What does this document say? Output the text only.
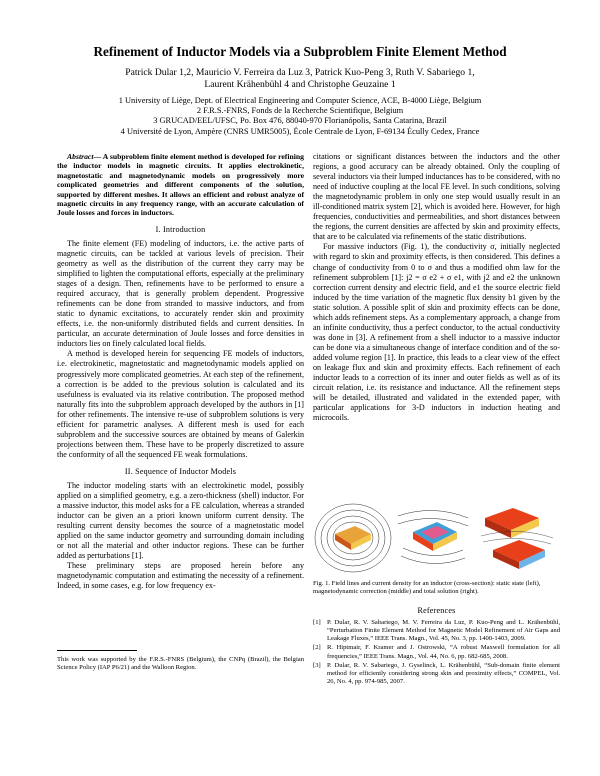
Refinement of Inductor Models via a Subproblem Finite Element Method
Patrick Dular 1,2, Mauricio V. Ferreira da Luz 3, Patrick Kuo-Peng 3, Ruth V. Sabariego 1,
Laurent Krähenbühl 4 and Christophe Geuzaine 1
1 University of Liège, Dept. of Electrical Engineering and Computer Science, ACE, B-4000 Liège, Belgium
2 F.R.S.-FNRS, Fonds de la Recherche Scientifique, Belgium
3 GRUCAD/EEL/UFSC, Po. Box 476, 88040-970 Florianópolis, Santa Catarina, Brazil
4 Université de Lyon, Ampère (CNRS UMR5005), École Centrale de Lyon, F-69134 Écully Cedex, France

Abstract— A subproblem finite element method is developed for refining the inductor models in magnetic circuits. It applies electrokinetic, magnetostatic and magnetodynamic models on progressively more complicated geometries and different components of the solution, supported by different meshes. It allows an efficient and robust analyze of magnetic circuits in any frequency range, with an accurate calculation of Joule losses and forces in inductors.

I. Introduction

The finite element (FE) modeling of inductors, i.e. the active parts of magnetic circuits, can be tackled at various levels of precision. Their geometry as well as the distribution of the current they carry may be simplified to lighten the computational efforts, especially at the preliminary stages of a design. Then, refinements have to be performed to ensure a required accuracy, that is generally problem dependent. Progressive refinements can be done from stranded to massive inductors, and from static to dynamic excitations, to accurately render skin and proximity effects, i.e. the non-uniformly distributed fields and current densities. In particular, an accurate determination of Joule losses and force densities in inductors lies on finely calculated local fields.

A method is developed herein for sequencing FE models of inductors, i.e. electrokinetic, magnetostatic and magnetodynamic models applied on progressively more complicated geometries. At each step of the refinement, a correction is be added to the previous solution is calculated and its usefulness is evaluated via its relative contribution. The proposed method naturally fits into the subproblem approach developed by the authors in [1] for other refinements. The intensive re-use of subproblem solutions is very efficient for parametric analyses. A different mesh is used for each subproblem and the successive sources are obtained by means of Galerkin projections between them. These have to be properly discretized to assure the conformity of all the sequenced FE weak formulations.

II. Sequence of Inductor Models

The inductor modeling starts with an electrokinetic model, possibly applied on a simplified geometry, e.g. a zero-thickness (shell) inductor. For a massive inductor, this model asks for a FE calculation, whereas a stranded inductor can be given an a priori known uniform current density. The resulting current density becomes the source of a magnetostatic model applied on the same inductor geometry and surrounding domain including or not all the material and other inductor regions. These can be further added as perturbations [1].

These preliminary steps are proposed herein before any magnetodynamic computation and estimating the necessity of a refinement. Indeed, in some cases, e.g. for low frequency ex-

This work was supported by the F.R.S.-FNRS (Belgium), the CNPq (Brazil), the Belgian Science Policy (IAP P6/21) and the Walloon Region.

citations or significant distances between the inductors and the other regions, a good accuracy can be already obtained. Only the coupling of several inductors via their lumped inductances has to be considered, with no need of inductive coupling at the local FE level. In such conditions, solving the magnetodynamic problem in only one step would usually result in an ill-conditioned matrix system [2], which is avoided here. However, for high frequencies, conductivities and permeabilities, and short distances between the regions, the current densities are affected by skin and proximity effects, that are to be calculated via refinements of the static distributions.

For massive inductors (Fig. 1), the conductivity σ, initially neglected with regard to skin and proximity effects, is then considered. This defines a change of conductivity from 0 to σ and thus a modified ohm law for the refinement subproblem [1]: j2 = σ e2 + σ e1, with j2 and e2 the unknown correction current density and electric field, and e1 the source electric field induced by the time variation of the magnetic flux density b1 given by the static solution. A possible split of skin and proximity effects can be done, which adds refinement steps. As a complementary approach, a change from an infinite conductivity, thus a perfect conductor, to the actual conductivity was done in [3]. A refinement from a shell inductor to a massive inductor can be done via a simultaneous change of interface condition and of the so-added volume region [1]. In practice, this leads to a clear view of the effect on leakage flux and skin and proximity effects. Each refinement of each inductor leads to a correction of its inner and outer fields as well as of its circuit relation, i.e. its resistance and inductance. All the refinement steps will be detailed, illustrated and validated in the extended paper, with particular applications for 3-D inductors in induction heating and microcoils.

Fig. 1. Field lines and current density for an inductor (cross-section): static state (left), magnetodynamic correction (middle) and total solution (right).
References
[1] P. Dular, R. V. Sabariego, M. V. Ferreira da Luz, P. Kuo-Peng and L. Krähenbühl, “Perturbation Finite Element Method for Magnetic Model Refinement of Air Gaps and Leakage Fluxes,” IEEE Trans. Magn., Vol. 45, No. 3, pp. 1400-1403, 2009.
[2] R. Hiptmair, F. Kramer and J. Ostrowski, “A robust Maxwell formulation for all frequencies,” IEEE Trans. Magn., Vol. 44, No. 6, pp. 682-685, 2008.
[3] P. Dular, R. V. Sabariego, J. Gyselinck, L. Krähenbühl, “Sub-domain finite element method for efficiently considering strong skin and proximity effects,” COMPEL, Vol. 26, No. 4, pp. 974-985, 2007.
